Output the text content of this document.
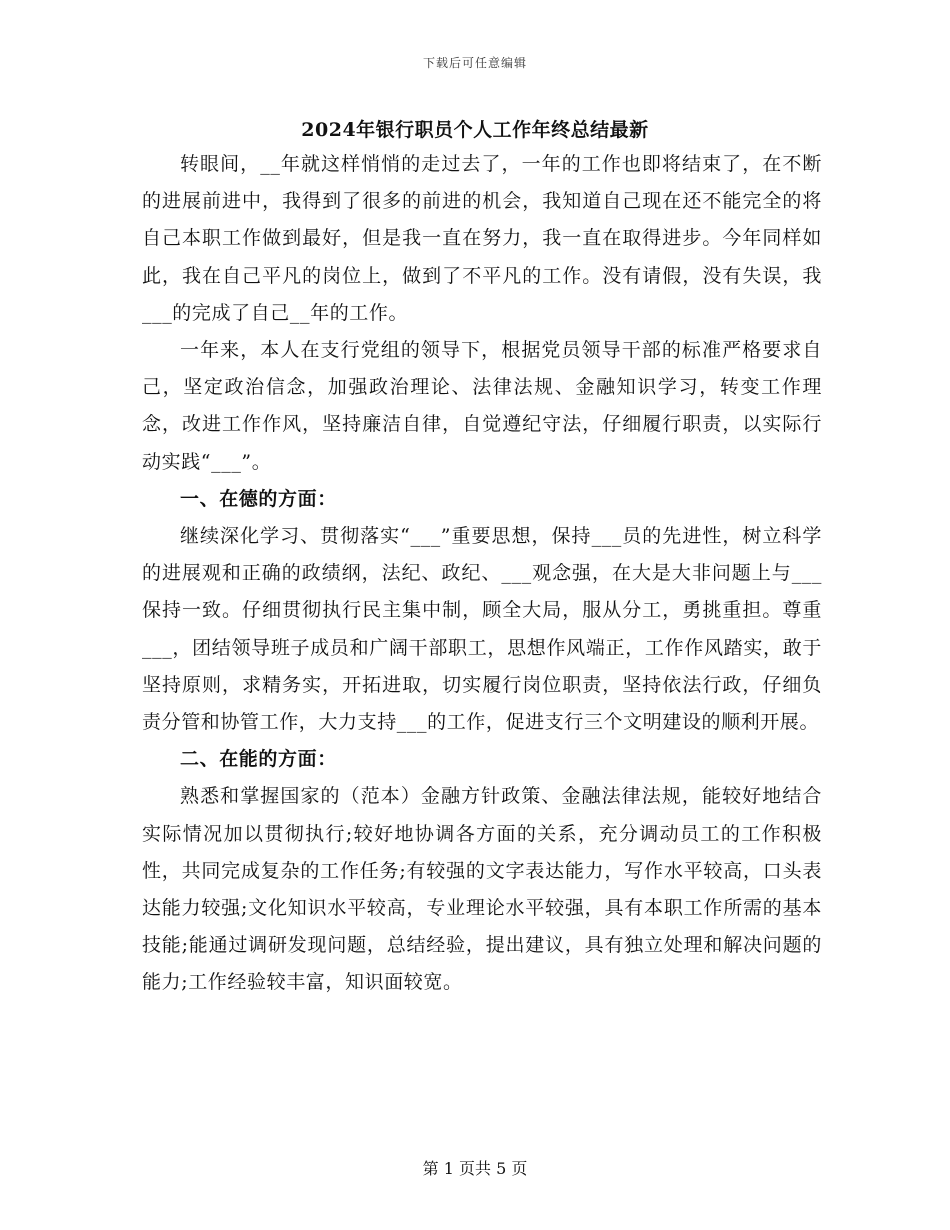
下载后可任意编辑
2024年银行职员个人工作年终总结最新

转眼间，__年就这样悄悄的走过去了，一年的工作也即将结束了，在不断的进展前进中，我得到了很多的前进的机会，我知道自己现在还不能完全的将自己本职工作做到最好，但是我一直在努力，我一直在取得进步。今年同样如此，我在自己平凡的岗位上，做到了不平凡的工作。没有请假，没有失误，我___的完成了自己__年的工作。

一年来，本人在支行党组的领导下，根据党员领导干部的标准严格要求自己，坚定政治信念，加强政治理论、法律法规、金融知识学习，转变工作理念，改进工作作风，坚持廉洁自律，自觉遵纪守法，仔细履行职责，以实际行动实践“___”。

一、在德的方面：

继续深化学习、贯彻落实“___”重要思想，保持___员的先进性，树立科学的进展观和正确的政绩纲，法纪、政纪、___观念强，在大是大非问题上与___保持一致。仔细贯彻执行民主集中制，顾全大局，服从分工，勇挑重担。尊重___，团结领导班子成员和广阔干部职工，思想作风端正，工作作风踏实，敢于坚持原则，求精务实，开拓进取，切实履行岗位职责，坚持依法行政，仔细负责分管和协管工作，大力支持___的工作，促进支行三个文明建设的顺利开展。

二、在能的方面：

熟悉和掌握国家的（范本）金融方针政策、金融法律法规，能较好地结合实际情况加以贯彻执行;较好地协调各方面的关系，充分调动员工的工作积极性，共同完成复杂的工作任务;有较强的文字表达能力，写作水平较高，口头表达能力较强;文化知识水平较高，专业理论水平较强，具有本职工作所需的基本技能;能通过调研发现问题，总结经验，提出建议，具有独立处理和解决问题的能力;工作经验较丰富，知识面较宽。

第 1 页共 5 页
